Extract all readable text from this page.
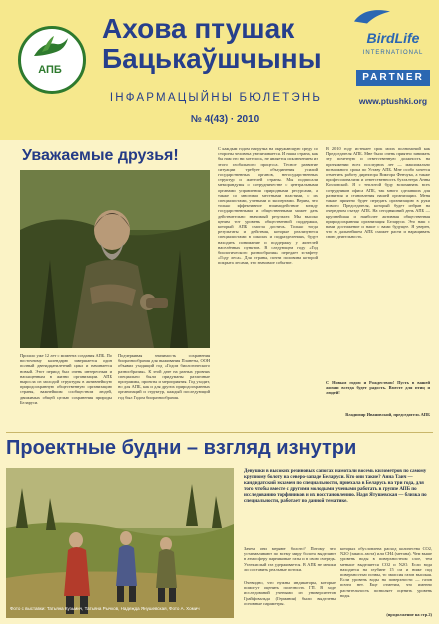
АПБ
Ахова птушак
Бацькаўшчыны
ІНФАРМАЦЫЙНЫ БЮЛЕТЭНЬ
№ 4(43) · 2010
BirdLife
INTERNATIONAL
PARTNER
www.ptushki.org
Уважаемые друзья!
Прошло уже 12 лет с момента создания АПБ. По восточному календарю завершается один полный двенадцатилетний цикл и начинается новый. Этот период был очень интересным и насыщенным в жизни организации. АПБ выросла из молодой структуры в активнейшую природоохранную общественную организацию страны, важнейшим сообществом людей, движимых общей целью сохранения природы Беларуси.
Подчеркивая значимость сохранения биоразнообразия для выживания Планеты, ООН объявил уходящий год «Годом биологического разнообразия». К этой дате на разных уровнях специально были придуманы различные программы, проекты и мероприятия. Год уходит, но для АПБ, как и для других природоохранных организаций и структур, каждый последующий год был Годом биоразнообразия.
С каждым годом нагрузка на окружающую среду со стороны человека увеличивается. И наша страна, как бы нам это ни хотелось, не является исключением из этого глобального процесса. Тесное развитие ситуации требует объединения усилий государственных органов, негосударственных структур и жителей страны. Мы подписали меморандумы о сотрудничестве с центральными органами управления природными ресурсами, а также со многими местными властями, с их специалистами, учеными и экспертами. Верим, что только эффективное взаимодействие между государственными и общественными может дать действительно значимый результат. Мы высоко ценим тот уровень общественной поддержки, который АПБ смогла достичь. Только тогда результаты и действия, которые реализуются специалистами в школах и подразделениях, будут находить понимание и поддержку у жителей населённых пунктов. В следующем году «Год биологического разнообразия» передает эстафету «Году леса». Для страны, почти половина которой покрыта лесами, это значимое событие.
В 2010 году истекает срок моих полномочий как Председателя АПБ. Мне было очень приятно занимать эту почетную и ответственную должность на протяжении всех последних лет — максимально возможного срока по Уставу АПБ. Мне особо хочется отметить работу директора Виктора Фенчука, а также профессионализм и ответственность бухгалтера Анны Козловской. Я с теплотой буду вспоминать всех сотрудников офиса АПБ, так много сделавших для развития и становления нашей организации. Меня также приятно будет передать организацию в руки нового Председателя, который будет избран на очередном съезде АПБ. На сегодняшний день АПБ — крупнейшая и наиболее активная общественная природоохранная организация Беларуси. Это наш с вами достижение и наше с вами будущее. Я уверен, что в дальнейшем АПБ сможет расти и наращивать свою деятельность.
С Новым годом и Рождеством! Пусть в вашей жизни всегда будет радость. Вместе для птиц и людей!
Владимир Ивановский, председатель АПБ
Проектные будни – взгляд изнутри
Фото с выставки: Татьяна Кузьмич, Татьяна Рычков, Надежда Янушевская, Фото А. Хомич
Девушки в высоких резиновых сапогах намотали восемь километров по самому крупному болоту на северо-западе Беларуси. Кто они такие? Анна Таич — кандидатский экзамен по специальности, приехала в Беларусь на три года, для того чтобы вместе с другими молодыми учеными работать в группе АПБ по исследованию торфяников и их восстановлению. Надя Ятушевская — близка по специальности, работает по данной тематике.
Зачем они меряют болото? Потому что устанавливают по всему миру болота выделяют в атмосферу парниковые газы и в свою очередь. Углекислый газ удерживается. В АПБ не мешки ли составить реальные потоки.
Очевидно, что нужны индикаторы, которые помогут оценить полезность ГП. В ходе исследований учеными из университетов Грайфсвальда (Германия) были выделены основные параметры.
которых обусловлена расход количества СО2, N2O (закись азота) или СН4 (метана). Чем выше уровень воды в поверхностном слое, тем меньше выделяется СО2 и N2O. Если вода находится на глубине 15 см и ниже под поверхностью почвы, то эмиссия газов высокая. Если уровень воды на поверхности — газов почти нет. Еще отметим, что именно растительность позволяет оценить уровень воды.
(продолжение на стр.2)
